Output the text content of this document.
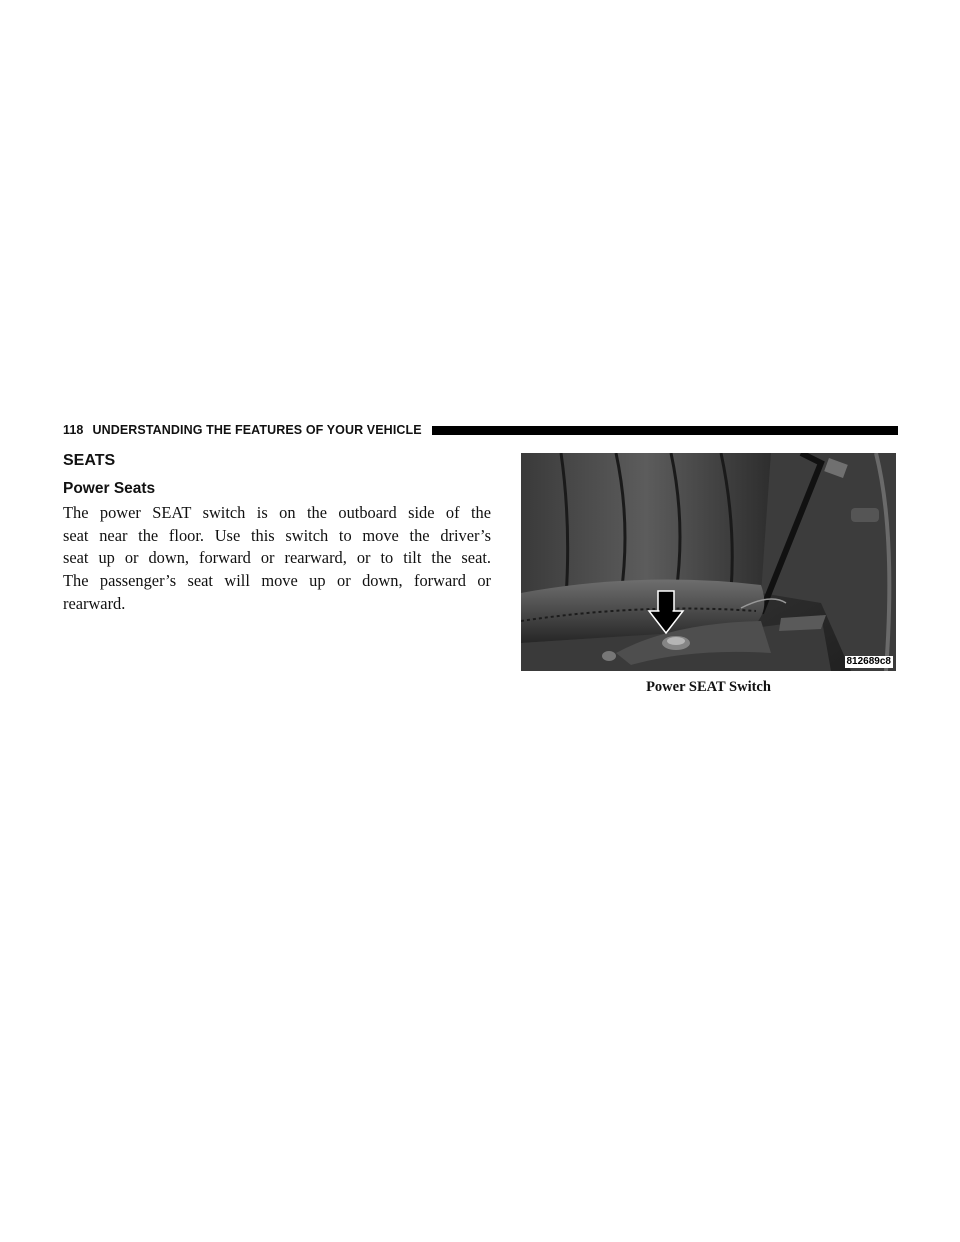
118 UNDERSTANDING THE FEATURES OF YOUR VEHICLE
SEATS
Power Seats
The power SEAT switch is on the outboard side of the
seat near the floor. Use this switch to move the driver’s
seat up or down, forward or rearward, or to tilt the seat.
The passenger’s seat will move up or down, forward or
rearward.
812689c8
Power SEAT Switch
